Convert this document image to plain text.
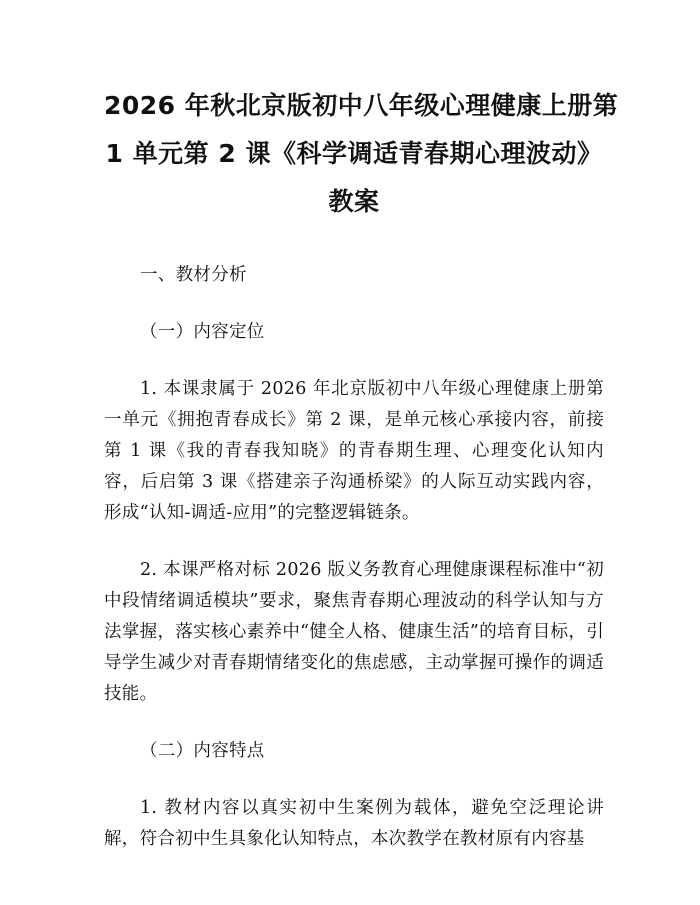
2026 年秋北京版初中八年级心理健康上册第
1 单元第 2 课《科学调适青春期心理波动》
教案

一、教材分析

（一）内容定位

1. 本课隶属于 2026 年北京版初中八年级心理健康上册第一单元《拥抱青春成长》第 2 课，是单元核心承接内容，前接第 1 课《我的青春我知晓》的青春期生理、心理变化认知内容，后启第 3 课《搭建亲子沟通桥梁》的人际互动实践内容，形成“认知-调适-应用”的完整逻辑链条。

2. 本课严格对标 2026 版义务教育心理健康课程标准中“初中段情绪调适模块”要求，聚焦青春期心理波动的科学认知与方法掌握，落实核心素养中“健全人格、健康生活”的培育目标，引导学生减少对青春期情绪变化的焦虑感，主动掌握可操作的调适技能。

（二）内容特点

1. 教材内容以真实初中生案例为载体，避免空泛理论讲解，符合初中生具象化认知特点，本次教学在教材原有内容基
